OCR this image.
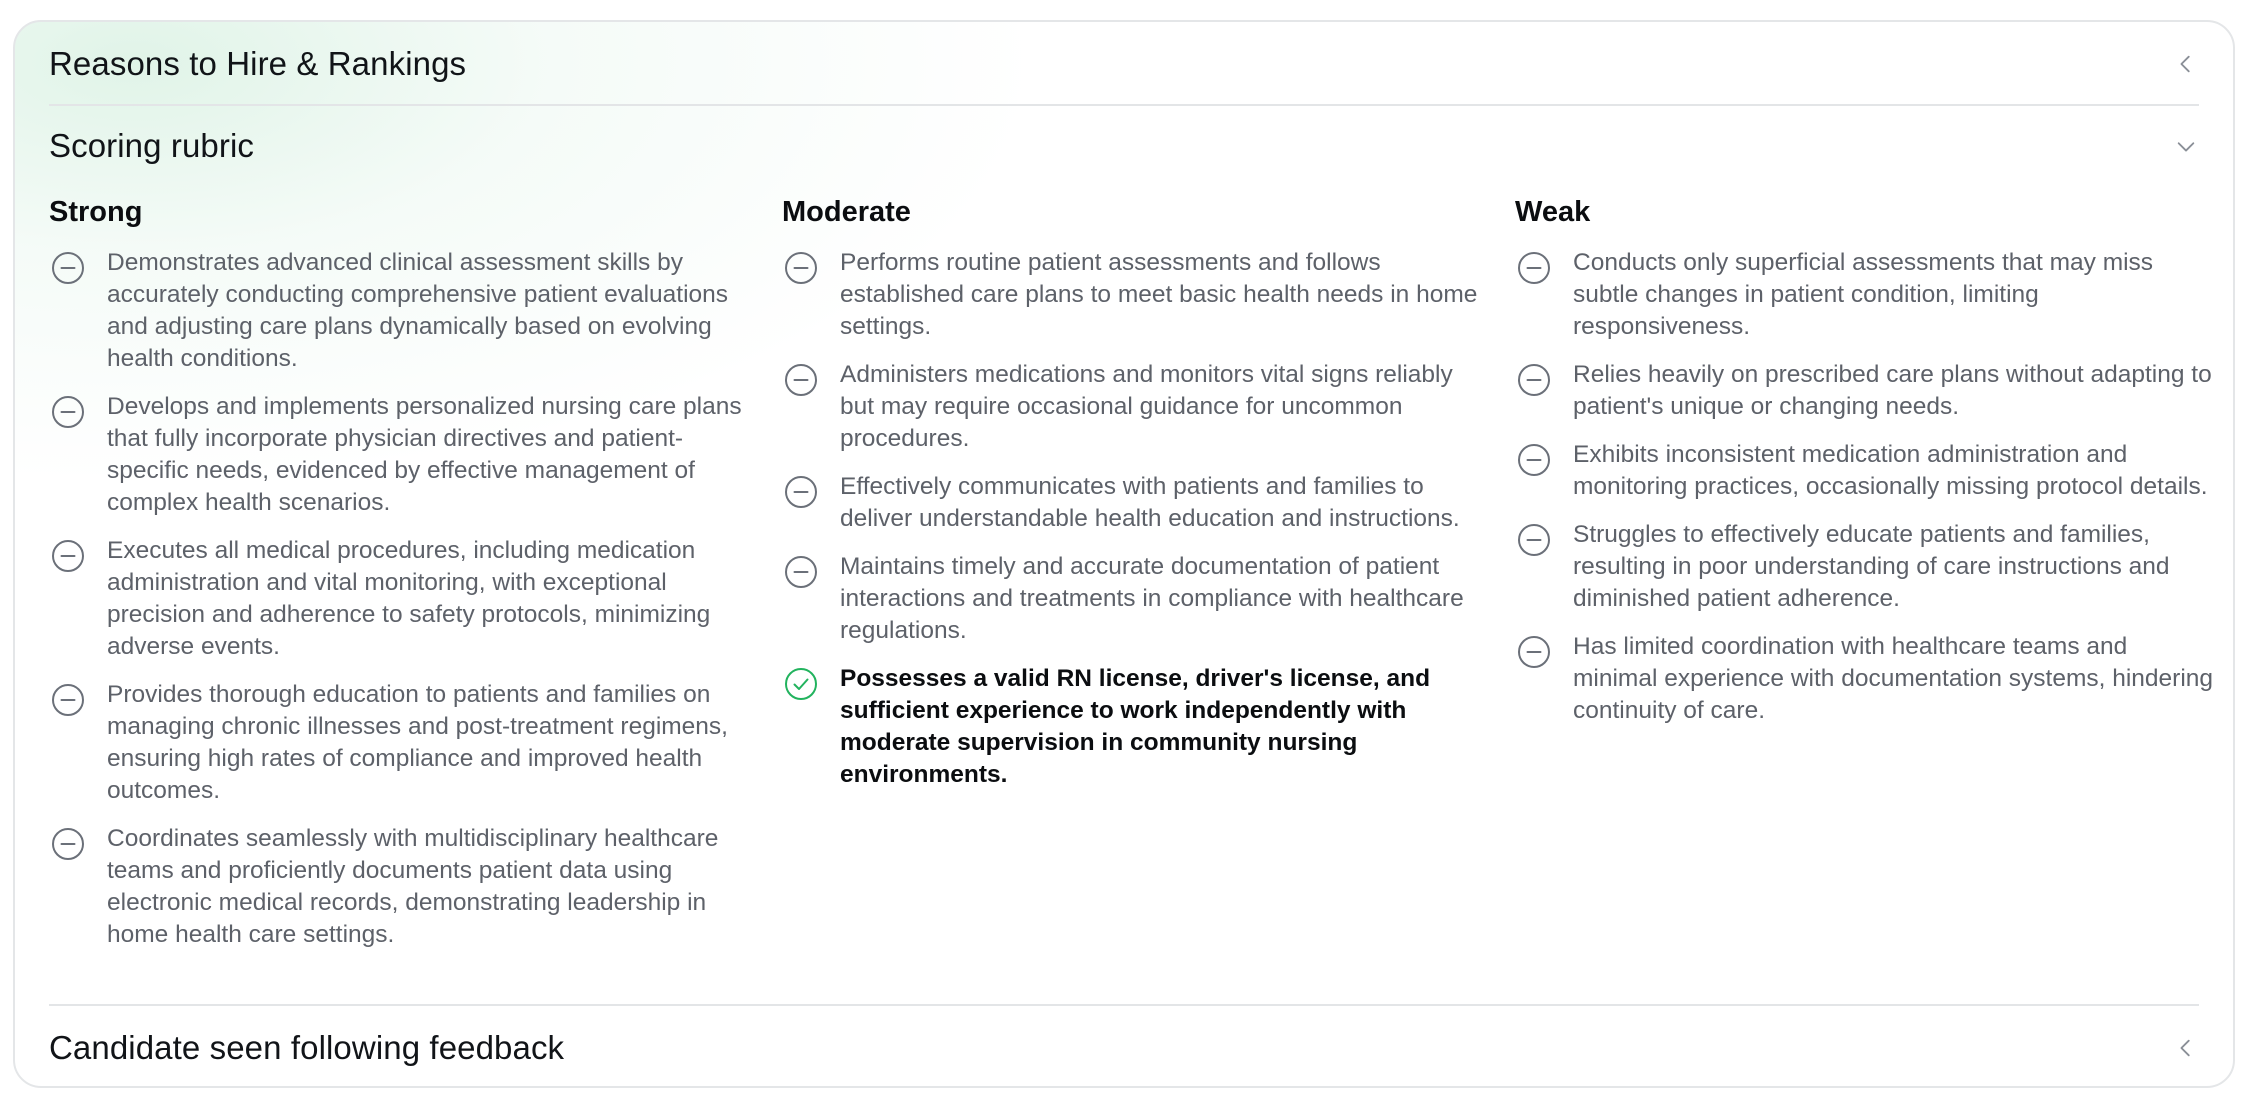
Reasons to Hire & Rankings
Scoring rubric
Strong
Demonstrates advanced clinical assessment skills by accurately conducting comprehensive patient evaluations and adjusting care plans dynamically based on evolving health conditions.
Develops and implements personalized nursing care plans that fully incorporate physician directives and patient-specific needs, evidenced by effective management of complex health scenarios.
Executes all medical procedures, including medication administration and vital monitoring, with exceptional precision and adherence to safety protocols, minimizing adverse events.
Provides thorough education to patients and families on managing chronic illnesses and post-treatment regimens, ensuring high rates of compliance and improved health outcomes.
Coordinates seamlessly with multidisciplinary healthcare teams and proficiently documents patient data using electronic medical records, demonstrating leadership in home health care settings.
Moderate
Performs routine patient assessments and follows established care plans to meet basic health needs in home settings.
Administers medications and monitors vital signs reliably but may require occasional guidance for uncommon procedures.
Effectively communicates with patients and families to deliver understandable health education and instructions.
Maintains timely and accurate documentation of patient interactions and treatments in compliance with healthcare regulations.
Possesses a valid RN license, driver's license, and sufficient experience to work independently with moderate supervision in community nursing environments.
Weak
Conducts only superficial assessments that may miss subtle changes in patient condition, limiting responsiveness.
Relies heavily on prescribed care plans without adapting to patient's unique or changing needs.
Exhibits inconsistent medication administration and monitoring practices, occasionally missing protocol details.
Struggles to effectively educate patients and families, resulting in poor understanding of care instructions and diminished patient adherence.
Has limited coordination with healthcare teams and minimal experience with documentation systems, hindering continuity of care.
Candidate seen following feedback
